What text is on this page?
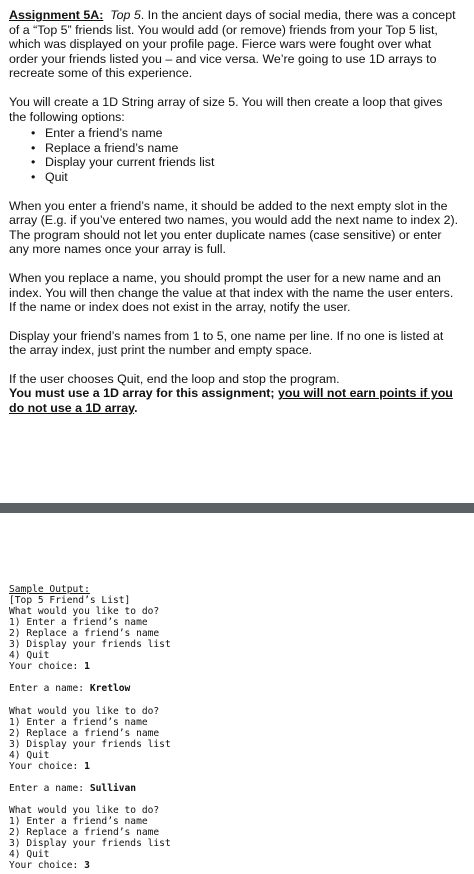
Assignment 5A: Top 5. In the ancient days of social media, there was a concept of a “Top 5” friends list. You would add (or remove) friends from your Top 5 list, which was displayed on your profile page. Fierce wars were fought over what order your friends listed you – and vice versa. We’re going to use 1D arrays to recreate some of this experience.

You will create a 1D String array of size 5. You will then create a loop that gives the following options:

• Enter a friend’s name
• Replace a friend’s name
• Display your current friends list
• Quit

When you enter a friend’s name, it should be added to the next empty slot in the array (E.g. if you’ve entered two names, you would add the next name to index 2). The program should not let you enter duplicate names (case sensitive) or enter any more names once your array is full.

When you replace a name, you should prompt the user for a new name and an index. You will then change the value at that index with the name the user enters. If the name or index does not exist in the array, notify the user.

Display your friend’s names from 1 to 5, one name per line. If no one is listed at the array index, just print the number and empty space.

If the user chooses Quit, end the loop and stop the program.

You must use a 1D array for this assignment; you will not earn points if you do not use a 1D array.

Sample Output:
[Top 5 Friend’s List]
What would you like to do?
1) Enter a friend’s name
2) Replace a friend’s name
3) Display your friends list
4) Quit
Your choice: 1
Enter a name: Kretlow
What would you like to do?
1) Enter a friend’s name
2) Replace a friend’s name
3) Display your friends list
4) Quit
Your choice: 1
Enter a name: Sullivan
What would you like to do?
1) Enter a friend’s name
2) Replace a friend’s name
3) Display your friends list
4) Quit
Your choice: 3
